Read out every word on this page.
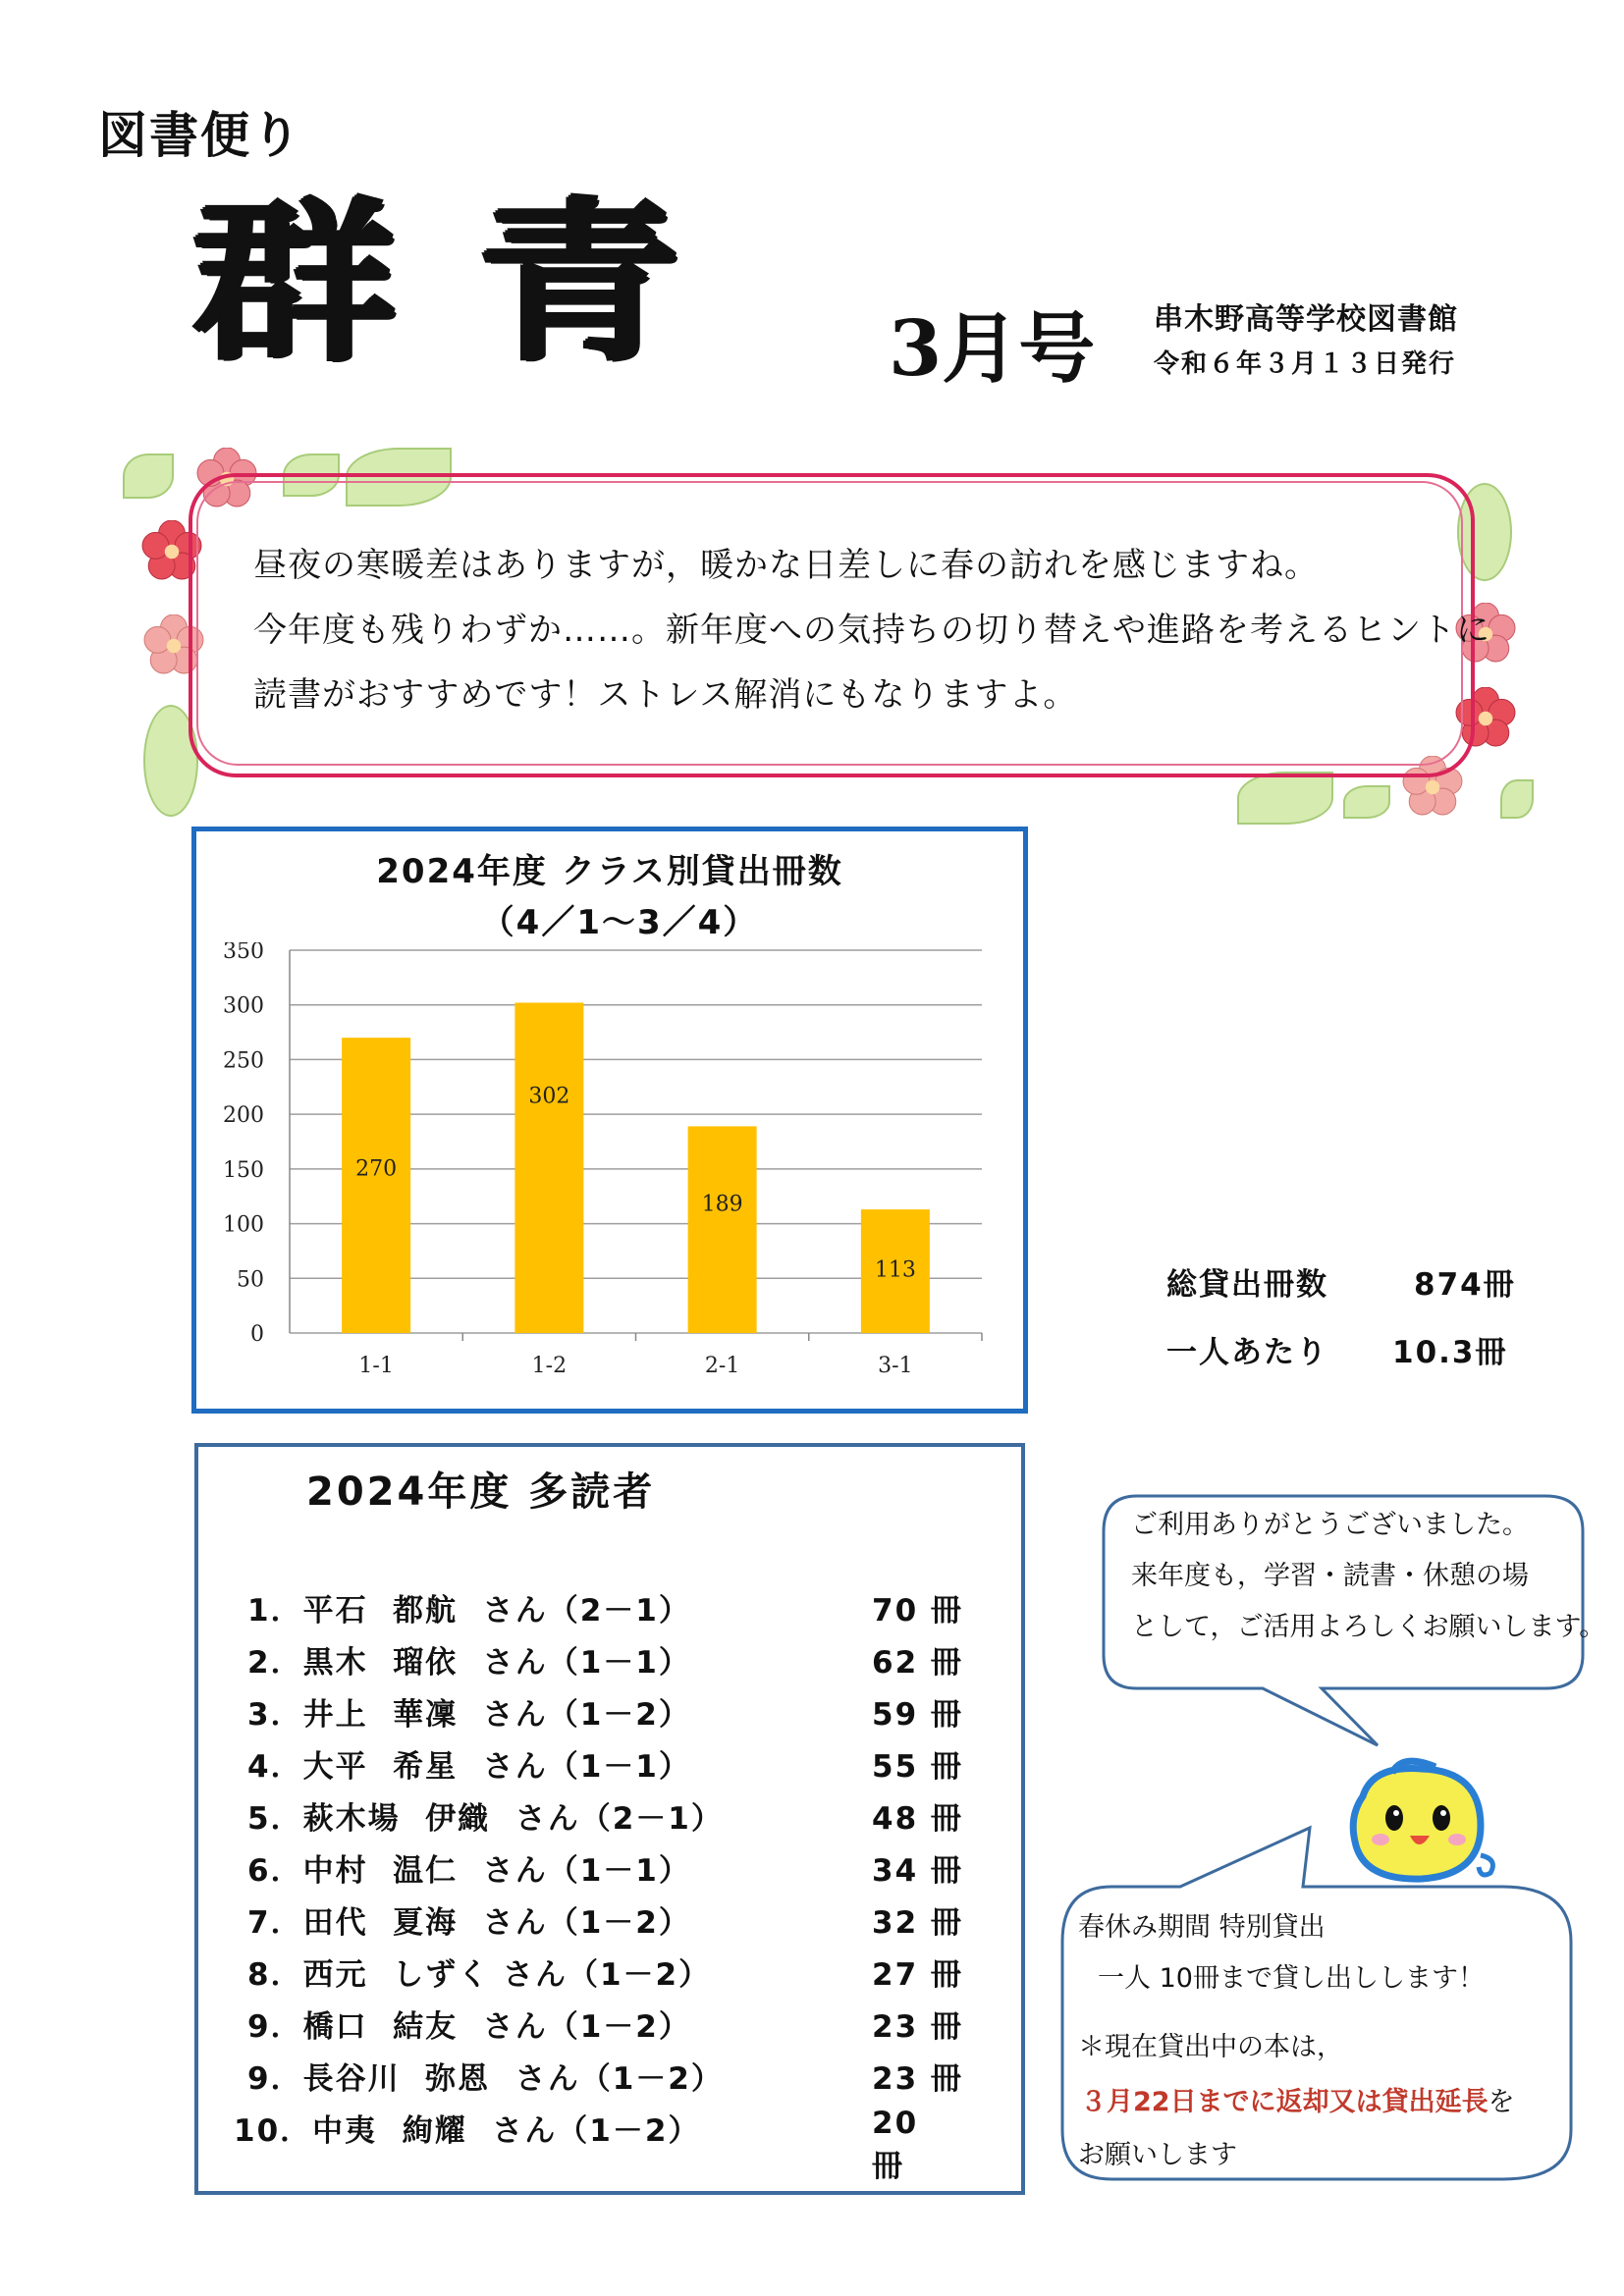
図書便り
群青 3月号 串木野高等学校図書館
令和６年３月１３日発行
昼夜の寒暖差はありますが，暖かな日差しに春の訪れを感じますね。
今年度も残りわずか……。新年度への気持ちの切り替えや進路を考えるヒントに
読書がおすすめです！ストレス解消にもなりますよ。
2024年度 クラス別貸出冊数
（4／1～3／4）
0
50
100
150
200
250
300
350
270
1-1
302
1-2
189
2-1
113
3-1
総貸出冊数	874冊
一人あたり 10.3冊
2024年度 多読者
1．平石  都航  さん（2－1）	70 冊
2．黒木  瑠依  さん（1－1）	62 冊
3．井上  華凜  さん（1－2）	59 冊
4．大平  希星  さん（1－1）	55 冊
5．萩木場  伊織  さん（2－1）	48 冊
6．中村  温仁  さん（1－1）	34 冊
7．田代  夏海  さん（1－2）	32 冊
8．西元  しずく さん（1－2）	27 冊
9．橋口  結友  さん（1－2）	23 冊
9．長谷川  弥恩  さん（1－2）	23 冊
10．中夷  絢耀  さん（1－2）	20 冊
ご利用ありがとうございました。
来年度も，学習・読書・休憩の場
として，ご活用よろしくお願いします。
春休み期間 特別貸出
一人 10冊まで貸し出しします！
＊現在貸出中の本は，
３月22日までに返却又は貸出延長を
お願いします
